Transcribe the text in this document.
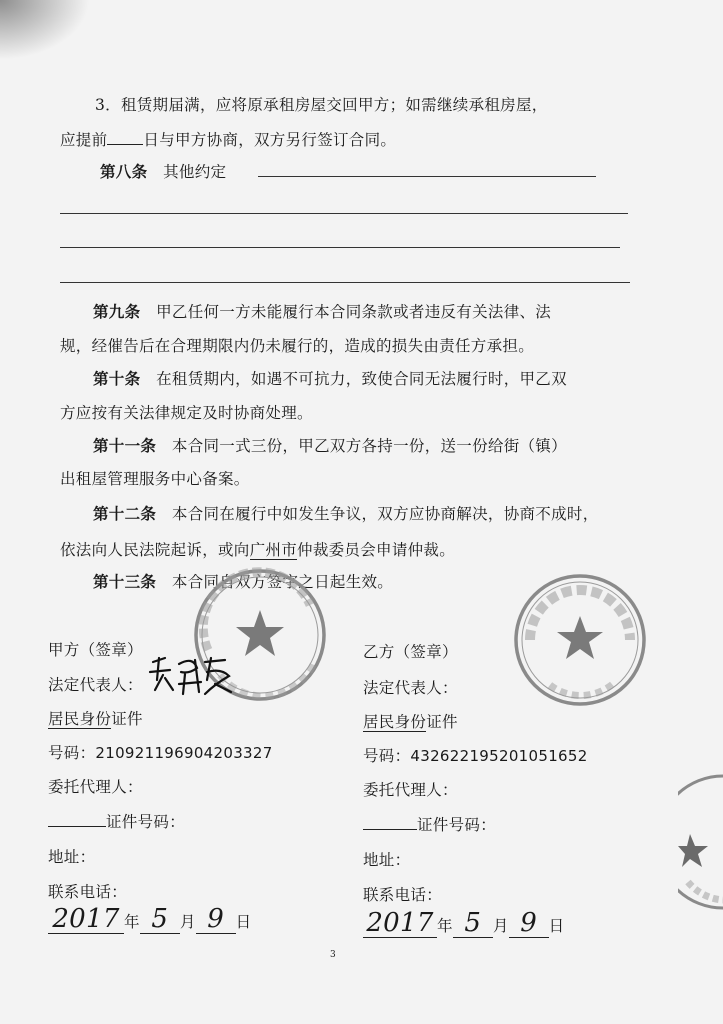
3．租赁期届满，应将原承租房屋交回甲方；如需继续承租房屋，
应提前 日与甲方协商，双方另行签订合同。
第八条 其他约定
第九条 甲乙任何一方未能履行本合同条款或者违反有关法律、法
规，经催告后在合理期限内仍未履行的，造成的损失由责任方承担。
第十条 在租赁期内，如遇不可抗力，致使合同无法履行时，甲乙双
方应按有关法律规定及时协商处理。
第十一条 本合同一式三份，甲乙双方各持一份，送一份给街（镇）
出租屋管理服务中心备案。
第十二条 本合同在履行中如发生争议，双方应协商解决，协商不成时，
依法向人民法院起诉，或向广州市仲裁委员会申请仲裁。
第十三条 本合同自双方签字之日起生效。
甲方（签章）
法定代表人：
居民身份证件
号码：210921196904203327
委托代理人：
证件号码：
地址：
联系电话：
2017 年 5 月 9 日
乙方（签章）
法定代表人：
居民身份证件
号码：432622195201051652
委托代理人：
证件号码：
地址：
联系电话：
2017 年 5 月 9 日
3
